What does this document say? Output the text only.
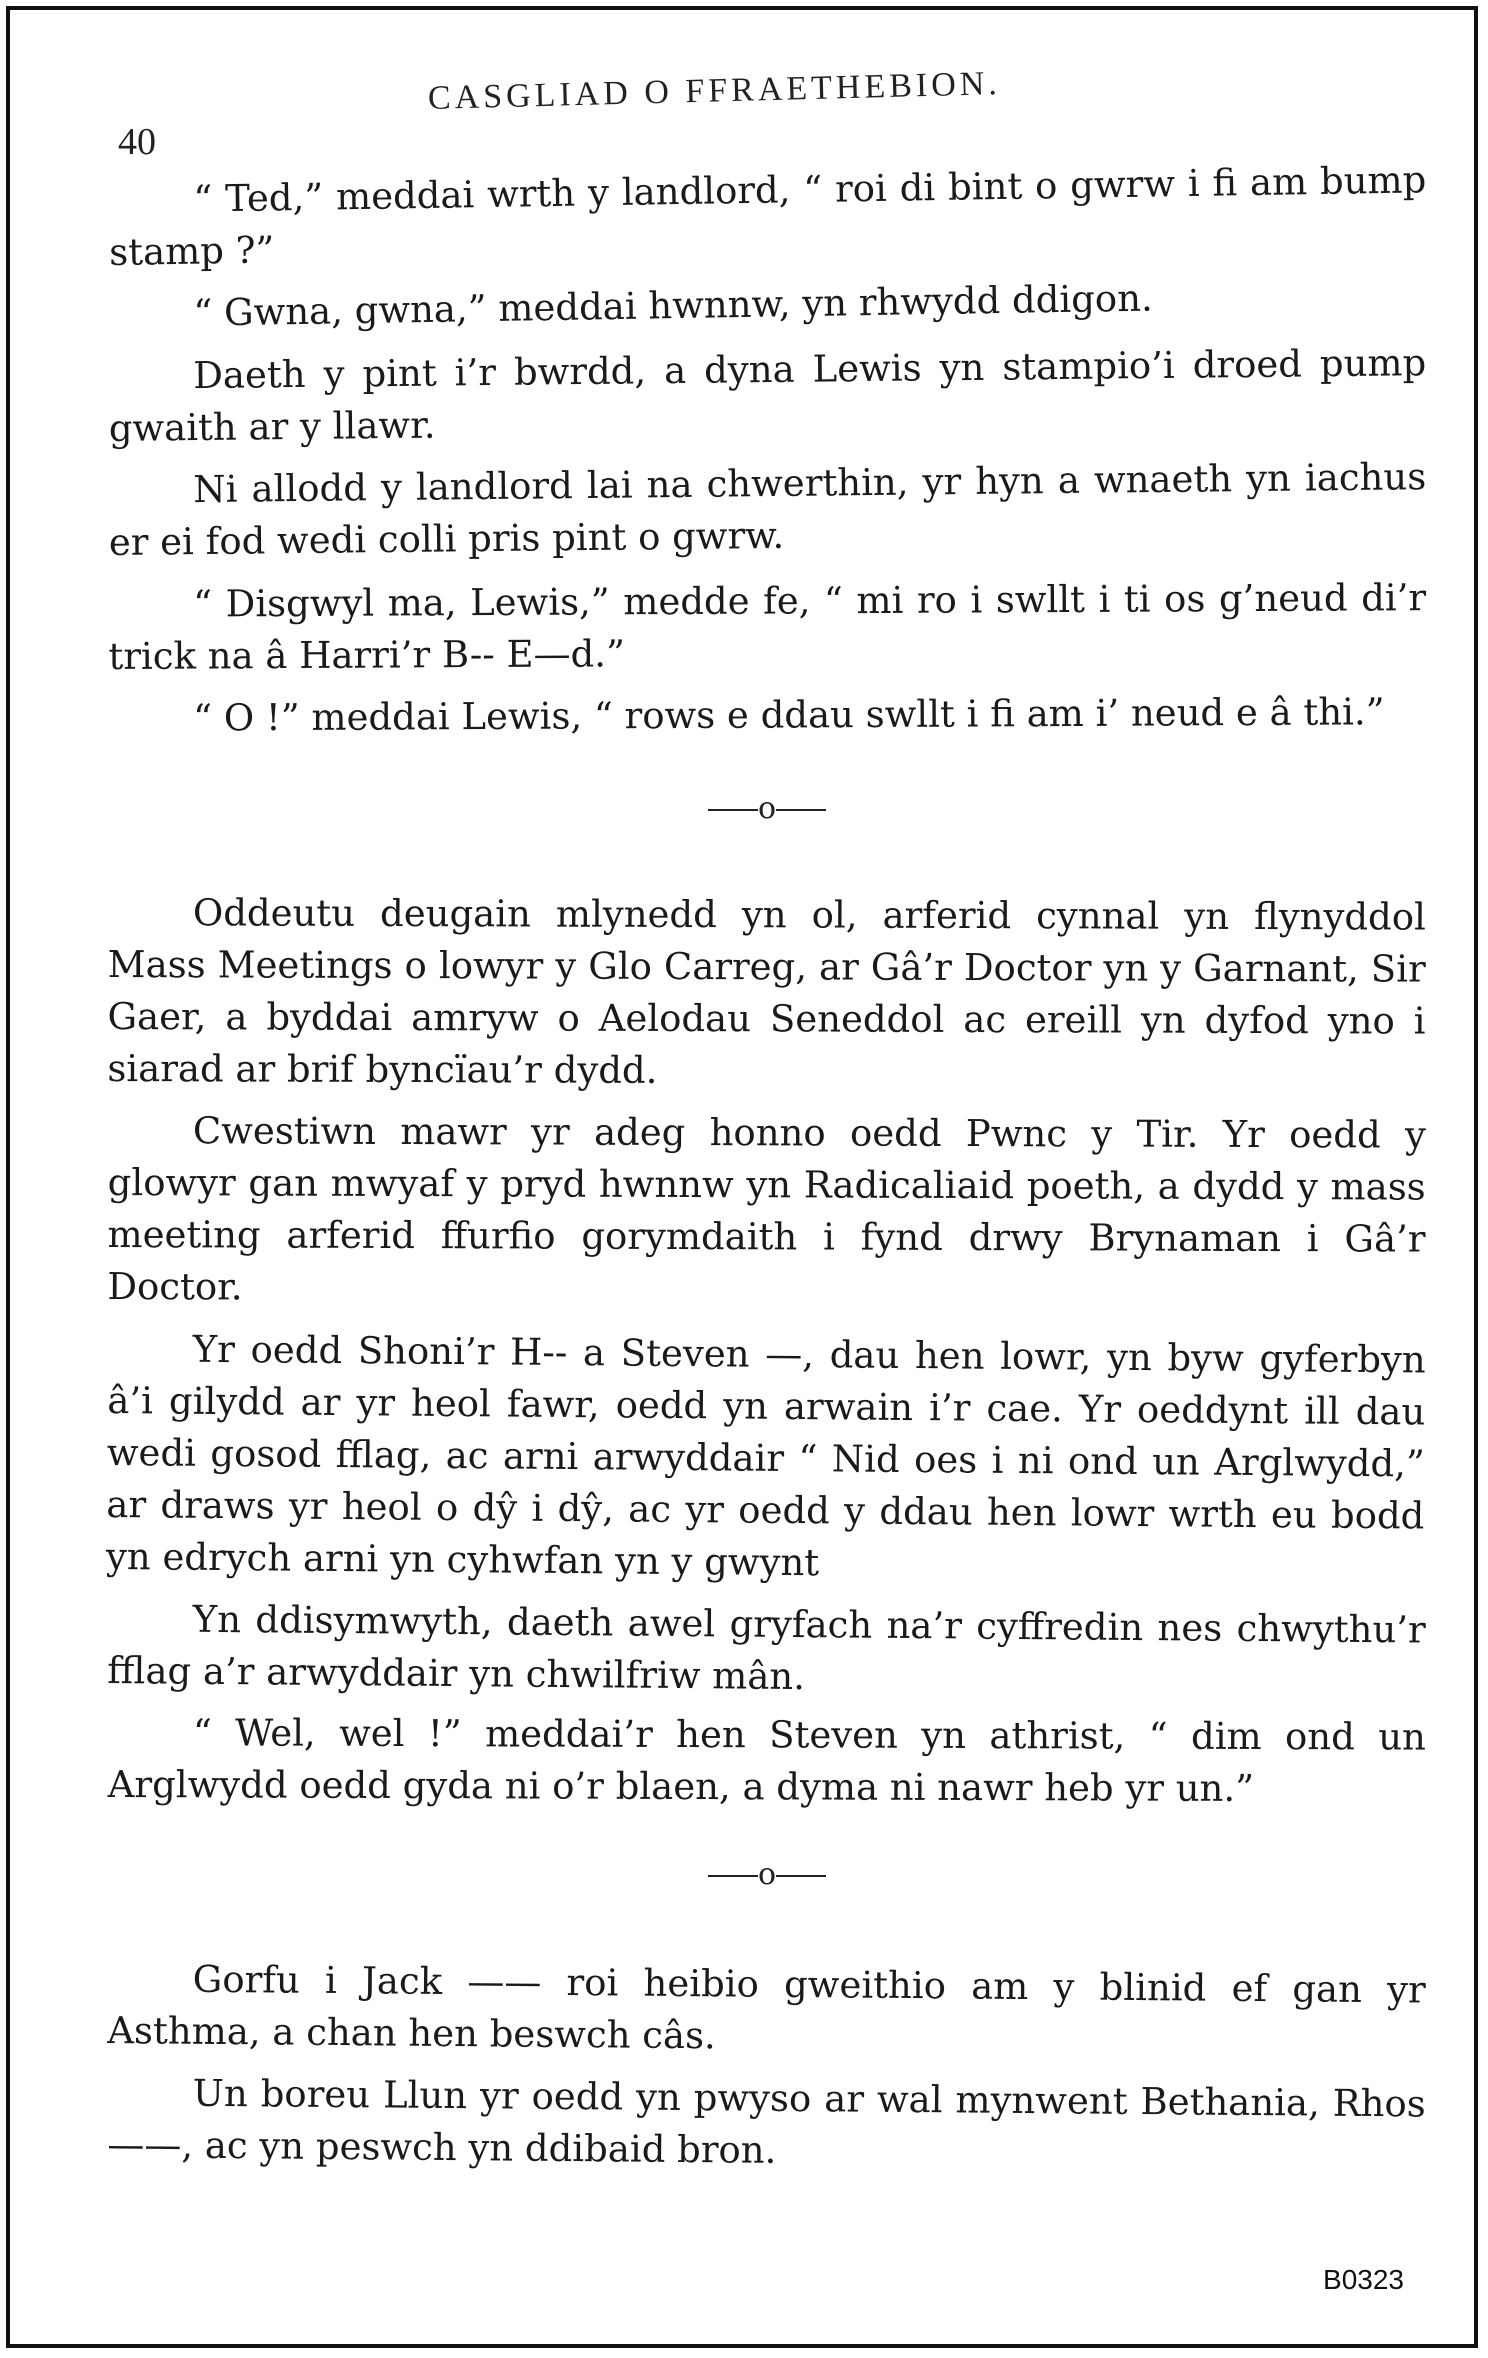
40
CASGLIAD O FFRAETHEBION.

“ Ted,” meddai wrth y landlord, “ roi di bint o gwrw i fi am bump stamp ?”

“ Gwna, gwna,” meddai hwnnw, yn rhwydd ddigon.

Daeth y pint i’r bwrdd, a dyna Lewis yn stampio’i droed pump gwaith ar y llawr.

Ni allodd y landlord lai na chwerthin, yr hyn a wnaeth yn iachus er ei fod wedi colli pris pint o gwrw.

“ Disgwyl ma, Lewis,” medde fe, “ mi ro i swllt i ti os g’neud di’r trick na â Harri’r B-- E—d.”

“ O !” meddai Lewis, “ rows e ddau swllt i fi am i’ neud e â thi.”

o

Oddeutu deugain mlynedd yn ol, arferid cynnal yn flynyddol Mass Meetings o lowyr y Glo Carreg, ar Gâ’r Doctor yn y Garnant, Sir Gaer, a byddai amryw o Aelodau Seneddol ac ereill yn dyfod yno i siarad ar brif byncïau’r dydd.

Cwestiwn mawr yr adeg honno oedd Pwnc y Tir. Yr oedd y glowyr gan mwyaf y pryd hwnnw yn Radicaliaid poeth, a dydd y mass meeting arferid ffurfio gorymdaith i fynd drwy Brynaman i Gâ’r Doctor.

Yr oedd Shoni’r H-- a Steven —, dau hen lowr, yn byw gyferbyn â’i gilydd ar yr heol fawr, oedd yn arwain i’r cae. Yr oeddynt ill dau wedi gosod fflag, ac arni arwyddair “ Nid oes i ni ond un Arglwydd,” ar draws yr heol o dŷ i dŷ, ac yr oedd y ddau hen lowr wrth eu bodd yn edrych arni yn cyhwfan yn y gwynt

Yn ddisymwyth, daeth awel gryfach na’r cyffredin nes chwythu’r fflag a’r arwyddair yn chwilfriw mân.

“ Wel, wel !” meddai’r hen Steven yn athrist, “ dim ond un Arglwydd oedd gyda ni o’r blaen, a dyma ni nawr heb yr un.”

o

Gorfu i Jack —— roi heibio gweithio am y blinid ef gan yr Asthma, a chan hen beswch câs.

Un boreu Llun yr oedd yn pwyso ar wal mynwent Bethania, Rhos ——, ac yn peswch yn ddibaid bron.

B0323
